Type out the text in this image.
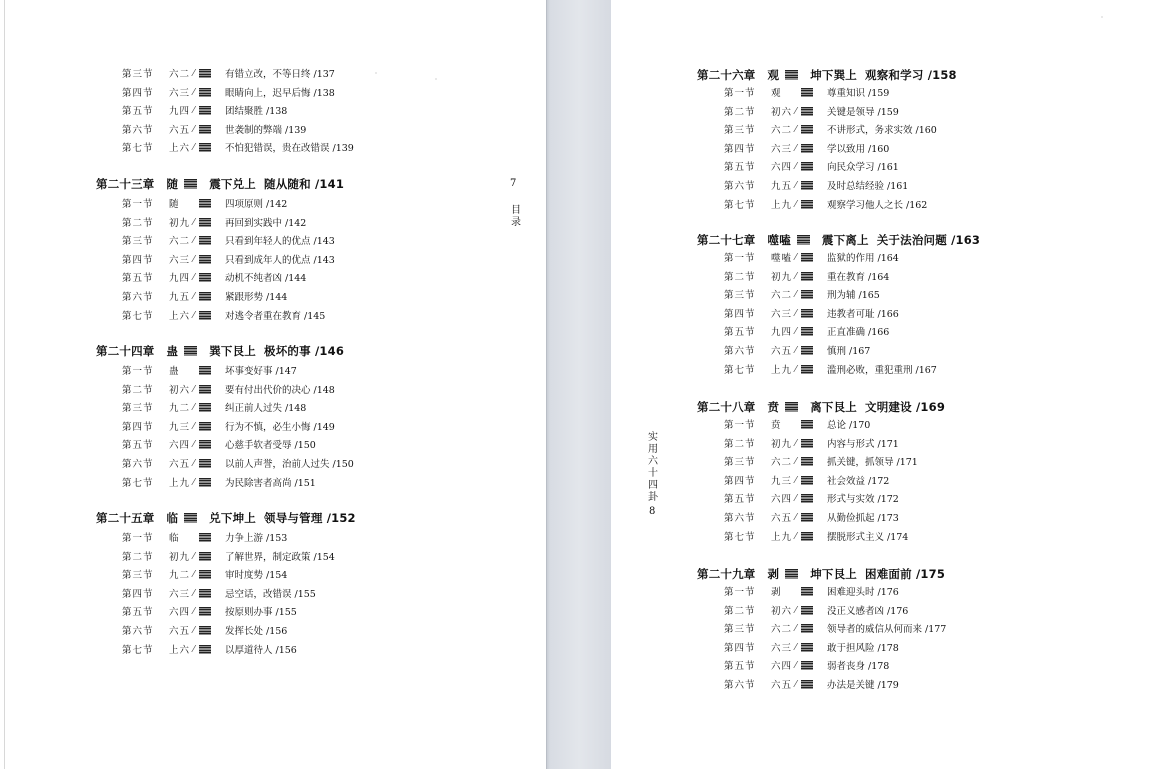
第三节 六二 ⁄	有错立改，不等日终 /137
第四节 六三 ⁄	眼睛向上，迟早后悔 /138
第五节 九四 ⁄	团结聚胜 /138
第六节 六五 ⁄	世袭制的弊端 /139
第七节 上六 ⁄	不怕犯错误，贵在改错误 /139
第二十三章 随	震下兑上 随从随和 /141
第一节 随	四项原则 /142
第二节 初九 ⁄	再回到实践中 /142
第三节 六二 ⁄	只看到年轻人的优点 /143
第四节 六三 ⁄	只看到成年人的优点 /143
第五节 九四 ⁄	动机不纯者凶 /144
第六节 九五 ⁄	紧跟形势 /144
第七节 上六 ⁄	对逃令者重在教育 /145
第二十四章 蛊	巽下艮上 极坏的事 /146
第一节 蛊	坏事变好事 /147
第二节 初六 ⁄	要有付出代价的决心 /148
第三节 九二 ⁄	纠正前人过失 /148
第四节 九三 ⁄	行为不慎，必生小悔 /149
第五节 六四 ⁄	心慈手软者受辱 /150
第六节 六五 ⁄	以前人声誉，治前人过失 /150
第七节 上九 ⁄	为民除害者高尚 /151
第二十五章 临	兑下坤上 领导与管理 /152
第一节 临	力争上游 /153
第二节 初九 ⁄	了解世界，制定政策 /154
第三节 九二 ⁄	审时度势 /154
第四节 六三 ⁄	忌空话，改错误 /155
第五节 六四 ⁄	按原则办事 /155
第六节 六五 ⁄	发挥长处 /156
第七节 上六 ⁄	以厚道待人 /156
7
目录
第二十六章 观	坤下巽上 观察和学习 /158
第一节 观	尊重知识 /159
第二节 初六 ⁄	关键是领导 /159
第三节 六二 ⁄	不讲形式，务求实效 /160
第四节 六三 ⁄	学以致用 /160
第五节 六四 ⁄	向民众学习 /161
第六节 九五 ⁄	及时总结经验 /161
第七节 上九 ⁄	观察学习他人之长 /162
第二十七章 噬嗑	震下离上 关于法治问题 /163
第一节 噬嗑 ⁄	监狱的作用 /164
第二节 初九 ⁄	重在教育 /164
第三节 六二 ⁄	刑为辅 /165
第四节 六三 ⁄	违教者可耻 /166
第五节 九四 ⁄	正直准确 /166
第六节 六五 ⁄	慎刑 /167
第七节 上九 ⁄	滥刑必败，重犯重刑 /167
第二十八章 贲	离下艮上 文明建设 /169
第一节 贲	总论 /170
第二节 初九 ⁄	内容与形式 /171
第三节 六二 ⁄	抓关键，抓领导 /171
第四节 九三 ⁄	社会效益 /172
第五节 六四 ⁄	形式与实效 /172
第六节 六五 ⁄	从勤俭抓起 /173
第七节 上九 ⁄	摆脱形式主义 /174
第二十九章 剥	坤下艮上 困难面前 /175
第一节 剥	困难迎头时 /176
第二节 初六 ⁄	没正义感者凶 /176
第三节 六二 ⁄	领导者的威信从何而来 /177
第四节 六三 ⁄	敢于担风险 /178
第五节 六四 ⁄	弱者丧身 /178
第六节 六五 ⁄	办法是关键 /179
实用六十四卦
8
